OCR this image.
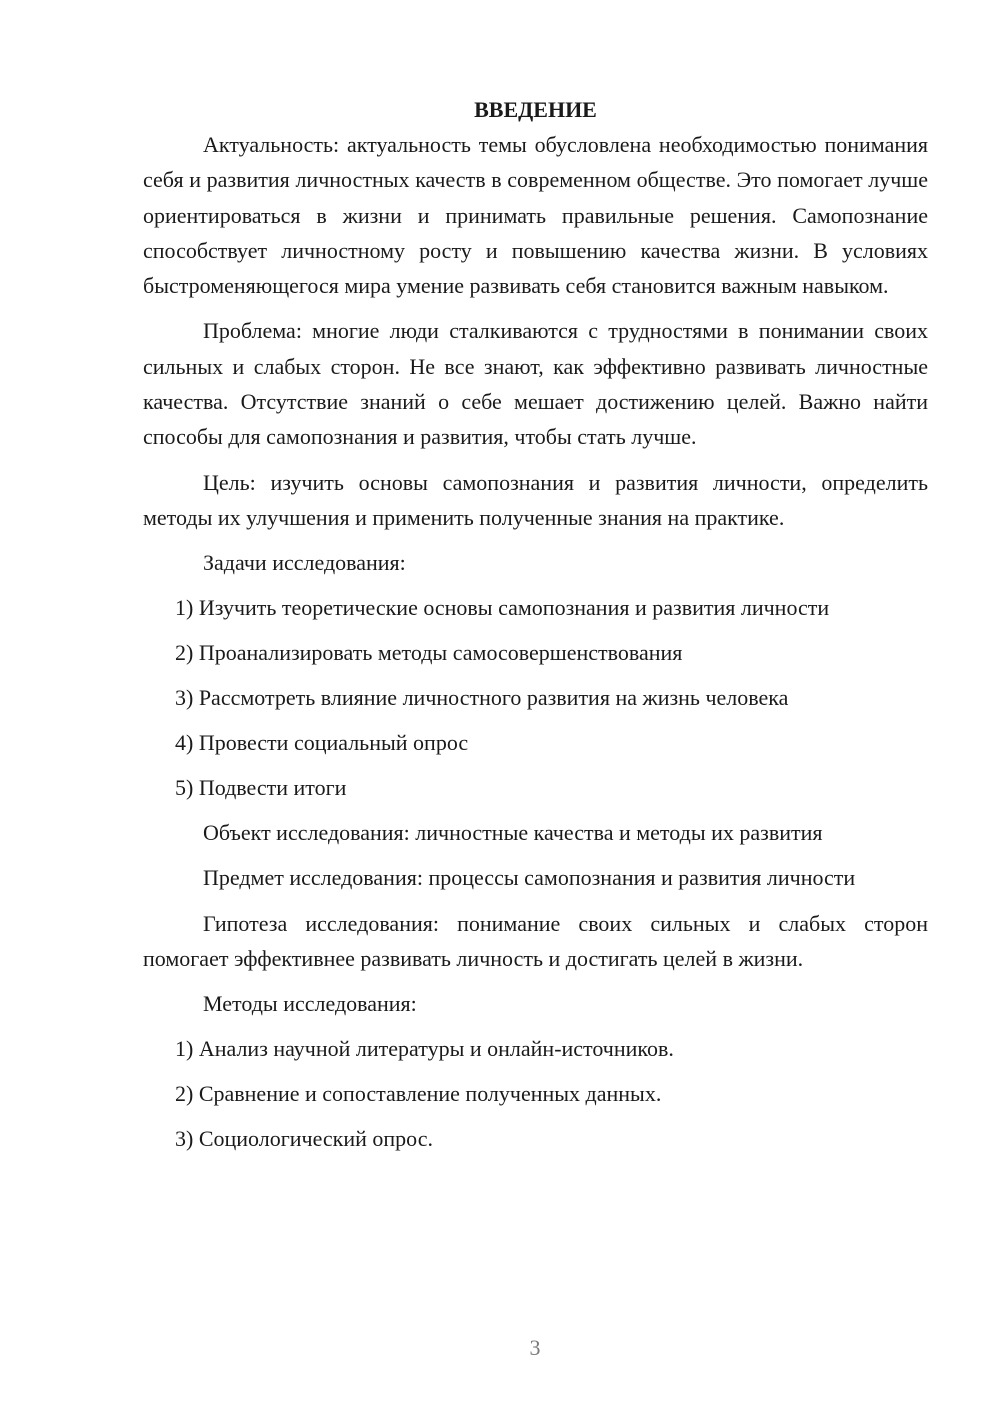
ВВЕДЕНИЕ

Актуальность: актуальность темы обусловлена необходимостью понимания себя и развития личностных качеств в современном обществе. Это помогает лучше ориентироваться в жизни и принимать правильные решения. Самопознание способствует личностному росту и повышению качества жизни. В условиях быстроменяющегося мира умение развивать себя становится важным навыком.

Проблема: многие люди сталкиваются с трудностями в понимании своих сильных и слабых сторон. Не все знают, как эффективно развивать личностные качества. Отсутствие знаний о себе мешает достижению целей. Важно найти способы для самопознания и развития, чтобы стать лучше.

Цель: изучить основы самопознания и развития личности, определить методы их улучшения и применить полученные знания на практике.

Задачи исследования:

1) Изучить теоретические основы самопознания и развития личности

2) Проанализировать методы самосовершенствования

3) Рассмотреть влияние личностного развития на жизнь человека

4) Провести социальный опрос

5) Подвести итоги

Объект исследования: личностные качества и методы их развития

Предмет исследования: процессы самопознания и развития личности

Гипотеза исследования: понимание своих сильных и слабых сторон помогает эффективнее развивать личность и достигать целей в жизни.

Методы исследования:

1) Анализ научной литературы и онлайн-источников.

2) Сравнение и сопоставление полученных данных.

3) Социологический опрос.

3
